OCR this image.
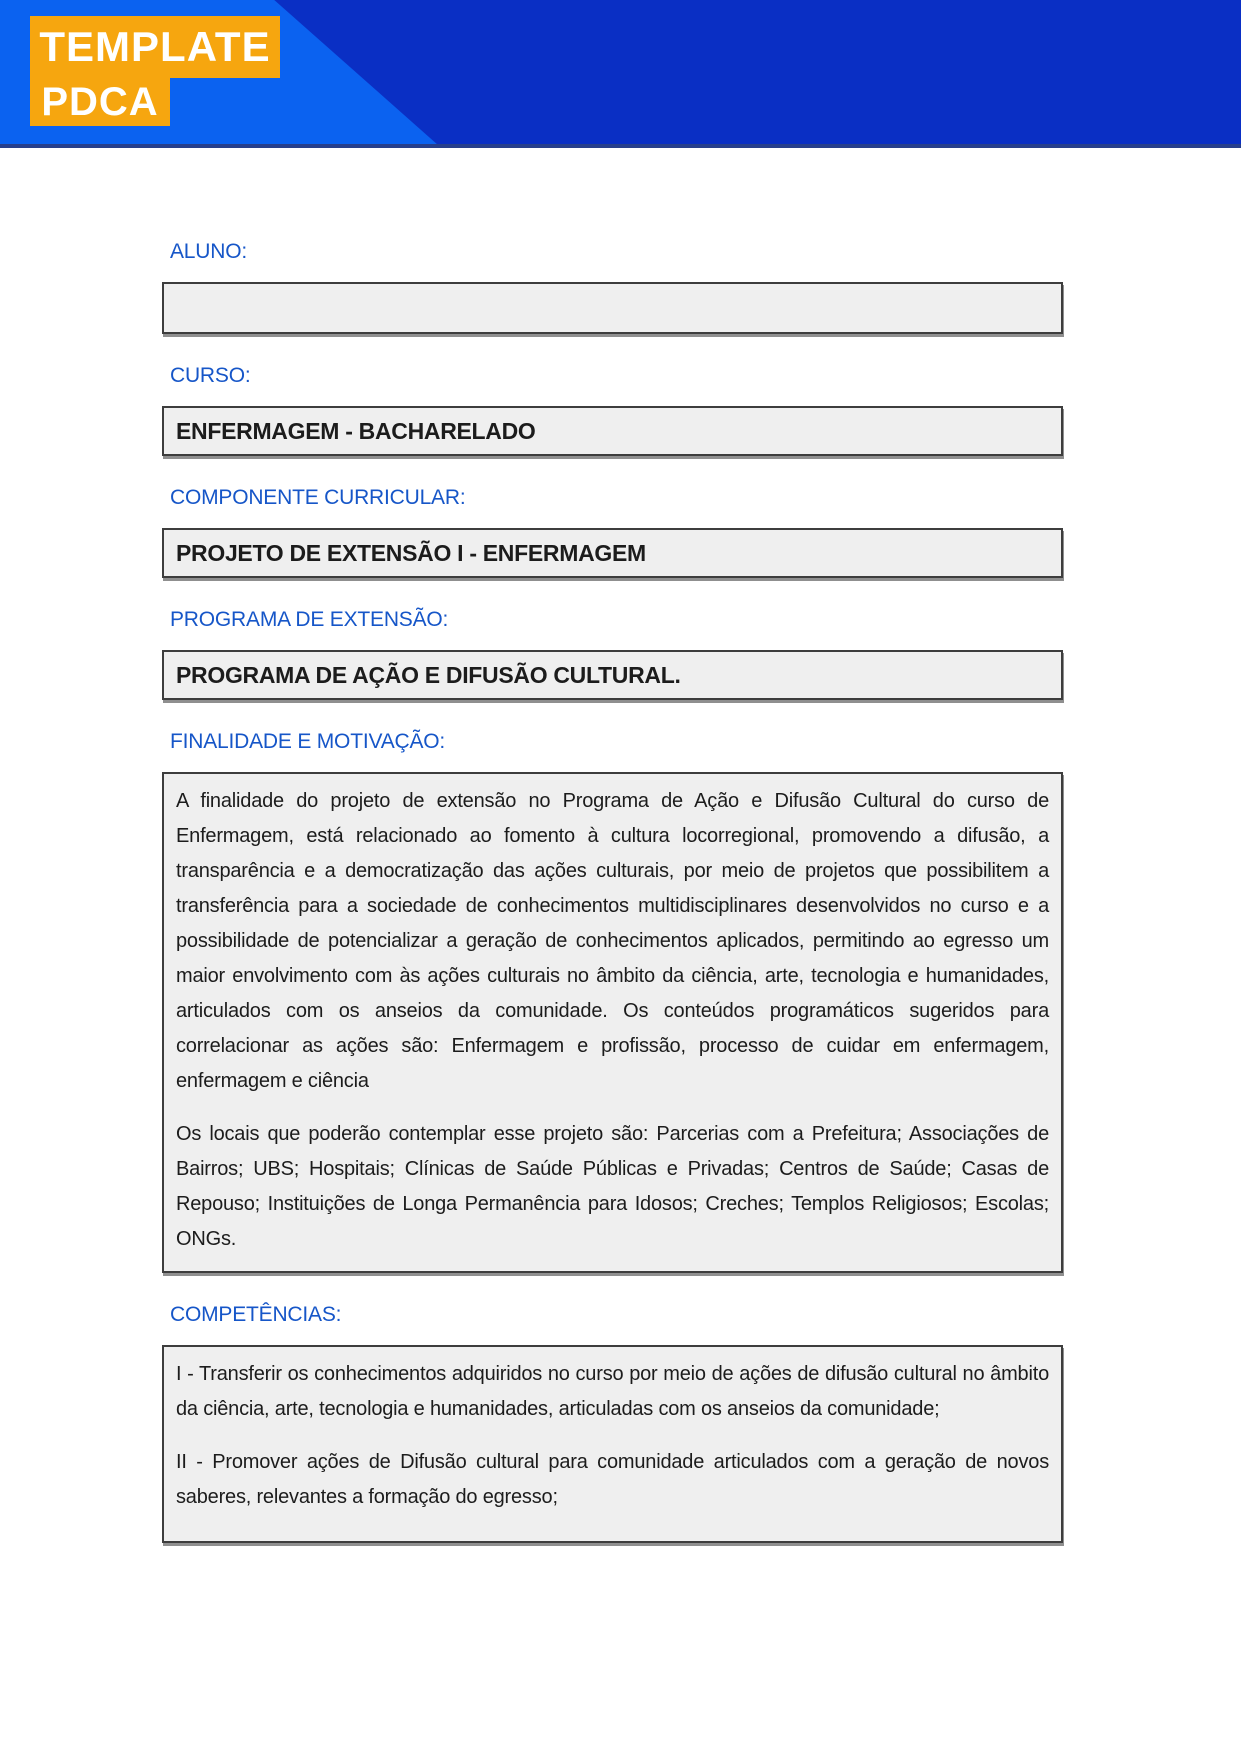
TEMPLATE
PDCA
ALUNO:
CURSO:
ENFERMAGEM - BACHARELADO
COMPONENTE CURRICULAR:
PROJETO DE EXTENSÃO I - ENFERMAGEM
PROGRAMA DE EXTENSÃO:
PROGRAMA DE AÇÃO E DIFUSÃO CULTURAL.
FINALIDADE E MOTIVAÇÃO:

A finalidade do projeto de extensão no Programa de Ação e Difusão Cultural do curso de Enfermagem, está relacionado ao fomento à cultura locorregional, promovendo a difusão, a transparência e a democratização das ações culturais, por meio de projetos que possibilitem a transferência para a sociedade de conhecimentos multidisciplinares desenvolvidos no curso e a possibilidade de potencializar a geração de conhecimentos aplicados, permitindo ao egresso um maior envolvimento com às ações culturais no âmbito da ciência, arte, tecnologia e humanidades, articulados com os anseios da comunidade. Os conteúdos programáticos sugeridos para correlacionar as ações são: Enfermagem e profissão, processo de cuidar em enfermagem, enfermagem e ciência

Os locais que poderão contemplar esse projeto são: Parcerias com a Prefeitura; Associações de Bairros; UBS; Hospitais; Clínicas de Saúde Públicas e Privadas; Centros de Saúde; Casas de Repouso; Instituições de Longa Permanência para Idosos; Creches; Templos Religiosos; Escolas; ONGs.

COMPETÊNCIAS:

I - Transferir os conhecimentos adquiridos no curso por meio de ações de difusão cultural no âmbito da ciência, arte, tecnologia e humanidades, articuladas com os anseios da comunidade;

II - Promover ações de Difusão cultural para comunidade articulados com a geração de novos saberes, relevantes a formação do egresso;
